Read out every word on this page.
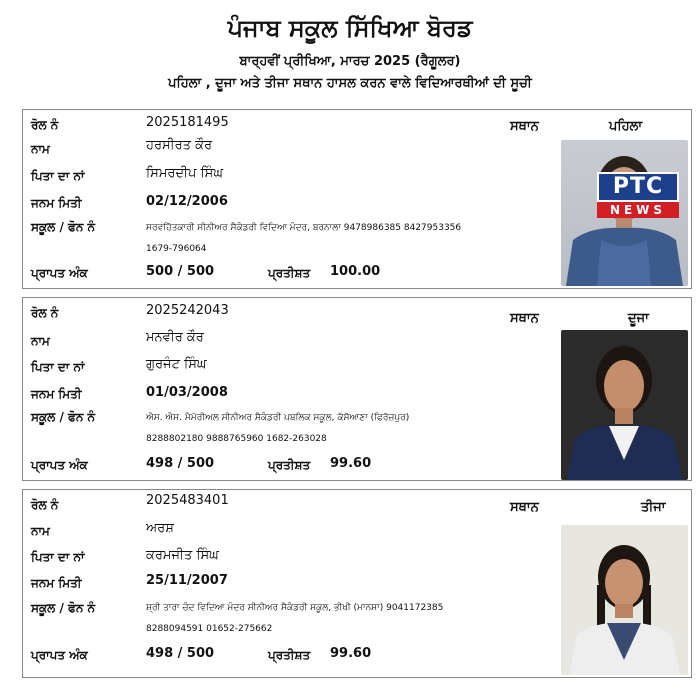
ਪੰਜਾਬ ਸਕੂਲ ਸਿੱਖਿਆ ਬੋਰਡ
ਬਾਰ੍ਹਵੀਂ ਪ੍ਰੀਖਿਆ, ਮਾਰਚ 2025 (ਰੈਗੂਲਰ)
ਪਹਿਲਾ , ਦੂਜਾ ਅਤੇ ਤੀਜਾ ਸਥਾਨ ਹਾਸਲ ਕਰਨ ਵਾਲੇ ਵਿਦਿਆਰਥੀਆਂ ਦੀ ਸੂਚੀ
ਰੋਲ ਨੰ	2025181495
ਨਾਮ	ਹਰਸੀਰਤ ਕੌਰ
ਪਿਤਾ ਦਾ ਨਾਂ	ਸਿਮਰਦੀਪ ਸਿੰਘ
ਜਨਮ ਮਿਤੀ	02/12/2006
ਸਕੂਲ / ਫੋਨ ਨੰ	ਸਰਵਹਿੱਤਕਾਰੀ ਸੀਨੀਅਰ ਸੈਕੰਡਰੀ ਵਿਦਿਆ ਮੰਦਰ, ਬਰਨਾਲਾ 9478986385 8427953356
1679-796064
ਪ੍ਰਾਪਤ ਅੰਕ	500 / 500	ਪ੍ਰਤੀਸ਼ਤ 100.00
ਸਥਾਨ	ਪਹਿਲਾ
PTC
NEWS
ਰੋਲ ਨੰ	2025242043
ਨਾਮ	ਮਨਵੀਰ ਕੌਰ
ਪਿਤਾ ਦਾ ਨਾਂ	ਗੁਰਜੰਟ ਸਿੰਘ
ਜਨਮ ਮਿਤੀ	01/03/2008
ਸਕੂਲ / ਫੋਨ ਨੰ	ਐਸ. ਐਸ. ਮੈਮੋਰੀਅਲ ਸੀਨੀਅਰ ਸੈਕੰਡਰੀ ਪਬਲਿਕ ਸਕੂਲ, ਕੱਸੋਆਣਾ (ਫਿਰੋਜ਼ਪੁਰ)
8288802180 9888765960 1682-263028
ਪ੍ਰਾਪਤ ਅੰਕ	498 / 500	ਪ੍ਰਤੀਸ਼ਤ 99.60
ਸਥਾਨ	ਦੂਜਾ
ਰੋਲ ਨੰ	2025483401
ਨਾਮ	ਅਰਸ਼
ਪਿਤਾ ਦਾ ਨਾਂ	ਕਰਮਜੀਤ ਸਿੰਘ
ਜਨਮ ਮਿਤੀ	25/11/2007
ਸਕੂਲ / ਫੋਨ ਨੰ	ਸ਼੍ਰੀ ਤਾਰਾ ਚੰਦ ਵਿਦਿਆ ਮੰਦਰ ਸੀਨੀਅਰ ਸੈਕੰਡਰੀ ਸਕੂਲ, ਭੀਖੀ (ਮਾਨਸਾ) 9041172385
8288094591 01652-275662
ਪ੍ਰਾਪਤ ਅੰਕ	498 / 500	ਪ੍ਰਤੀਸ਼ਤ 99.60
ਸਥਾਨ	ਤੀਜਾ
